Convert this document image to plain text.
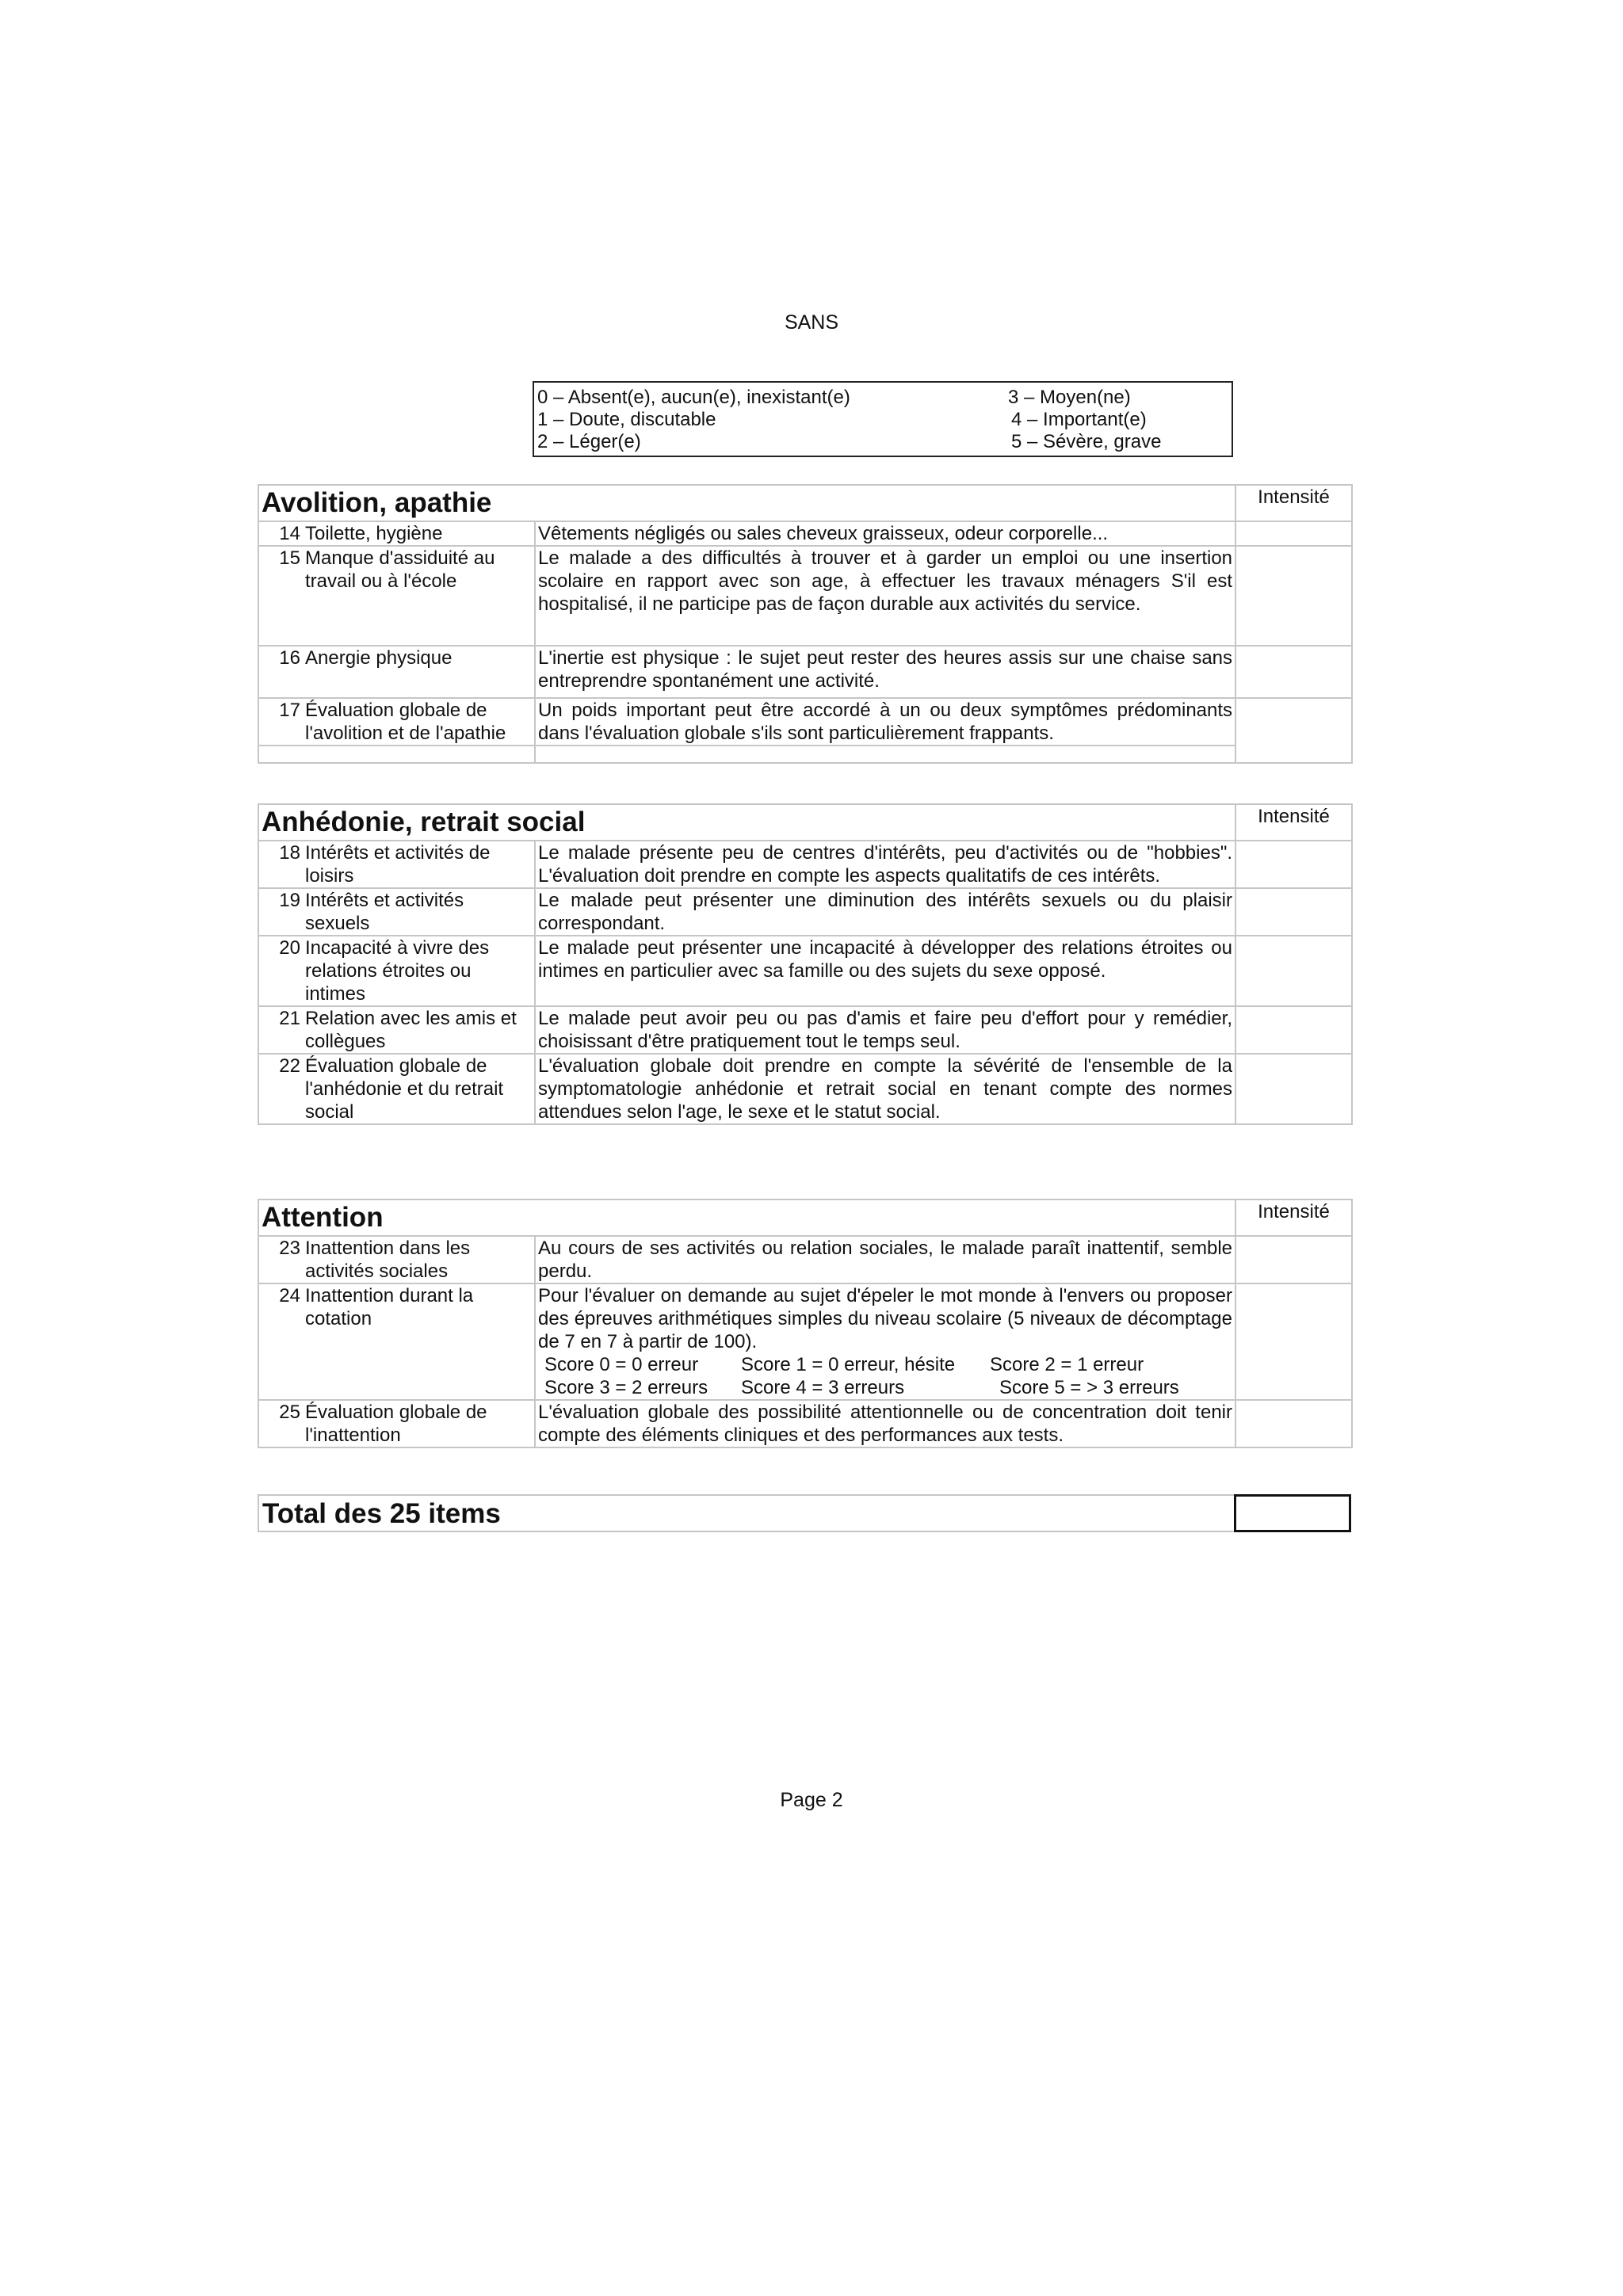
SANS
0 – Absent(e), aucun(e), inexistant(e)
1 – Doute, discutable
2 – Léger(e)
3 – Moyen(ne)
4 – Important(e)
5 – Sévère, grave
Avolition, apathie			Intensité
14	Toilette, hygiène	Vêtements négligés ou sales cheveux graisseux, odeur corporelle...	
15	Manque d'assiduité au travail ou à l'école	Le malade a des difficultés à trouver et à garder un emploi ou une insertion scolaire en rapport avec son age, à effectuer les travaux ménagers S'il est hospitalisé, il ne participe pas de façon durable aux activités du service.	
16	Anergie physique	L'inertie est physique : le sujet peut rester des heures assis sur une chaise sans entreprendre spontanément une activité.	
17	Évaluation globale de l'avolition et de l'apathie	Un poids important peut être accordé à un ou deux symptômes prédominants dans l'évaluation globale s'ils sont particulièrement frappants.	

Anhédonie, retrait social			Intensité
18	Intérêts et activités de loisirs	Le malade présente peu de centres d'intérêts, peu d'activités ou de "hobbies". L'évaluation doit prendre en compte les aspects qualitatifs de ces intérêts.	
19	Intérêts et activités sexuels	Le malade peut présenter une diminution des intérêts sexuels ou du plaisir correspondant.	
20	Incapacité à vivre des relations étroites ou intimes	Le malade peut présenter une incapacité à développer des relations étroites ou intimes en particulier avec sa famille ou des sujets du sexe opposé.	
21	Relation avec les amis et collègues	Le malade peut avoir peu ou pas d'amis et faire peu d'effort pour y remédier, choisissant d'être pratiquement tout le temps seul.	
22	Évaluation globale de l'anhédonie et du retrait social	L'évaluation globale doit prendre en compte la sévérité de l'ensemble de la symptomatologie anhédonie et retrait social en tenant compte des normes attendues selon l'age, le sexe et le statut social.	
Attention			Intensité
23	Inattention dans les activités sociales	Au cours de ses activités ou relation sociales, le malade paraît inattentif, semble perdu.	
24	Inattention durant la cotation	Pour l'évaluer on demande au sujet d'épeler le mot monde à l'envers ou proposer des épreuves arithmétiques simples du niveau scolaire (5 niveaux de décomptage de 7 en 7 à partir de 100).
Score 0 = 0 erreur Score 1 = 0 erreur, hésite Score 2 = 1 erreur
Score 3 = 2 erreurs Score 4 = 3 erreurs Score 5 = > 3 erreurs	

25	Évaluation globale de l'inattention	L'évaluation globale des possibilité attentionnelle ou de concentration doit tenir compte des éléments cliniques et des performances aux tests.	
Total des 25 items
Page 2
